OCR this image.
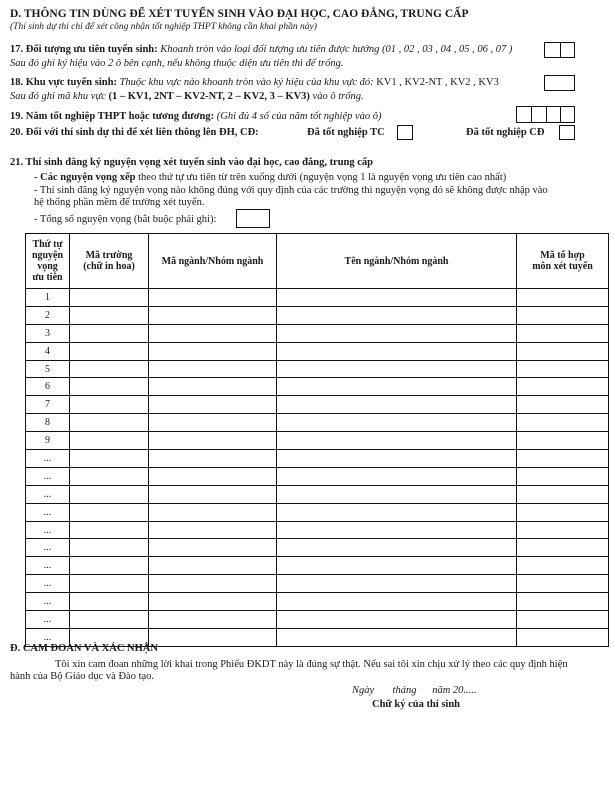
D. THÔNG TIN DÙNG ĐỂ XÉT TUYỂN SINH VÀO ĐẠI HỌC, CAO ĐẲNG, TRUNG CẤP
(Thí sinh dự thi chỉ để xét công nhận tốt nghiệp THPT không cần khai phần này)
17. Đối tượng ưu tiên tuyển sinh: Khoanh tròn vào loại đối tượng ưu tiên được hưởng (01 , 02 , 03 , 04 , 05 , 06 , 07 )
Sau đó ghi ký hiệu vào 2 ô bên cạnh, nếu không thuộc diện ưu tiên thì để trống.
18. Khu vực tuyển sinh: Thuộc khu vực nào khoanh tròn vào ký hiệu của khu vực đó: KV1 , KV2-NT , KV2 , KV3
Sau đó ghi mã khu vực (1 – KV1, 2NT – KV2-NT, 2 – KV2, 3 – KV3) vào ô trống.
19. Năm tốt nghiệp THPT hoặc tương đương: (Ghi đủ 4 số của năm tốt nghiệp vào ô)
20. Đối với thí sinh dự thi để xét liên thông lên ĐH, CĐ:	Đã tốt nghiệp TC	Đã tốt nghiệp CĐ
21. Thí sinh đăng ký nguyện vọng xét tuyển sinh vào đại học, cao đẳng, trung cấp
- Các nguyện vọng xếp theo thứ tự ưu tiên từ trên xuống dưới (nguyện vọng 1 là nguyện vọng ưu tiên cao nhất)
- Thí sinh đăng ký nguyện vọng nào không đúng với quy định của các trường thì nguyện vọng đó sẽ không được nhập vào
hệ thống phần mềm để trường xét tuyển.
- Tổng số nguyện vọng (bắt buộc phải ghi):
Thứ tự
nguyện
vọng
ưu tiên	Mã trường
(chữ in hoa)	Mã ngành/Nhóm ngành	Tên ngành/Nhóm ngành	Mã tổ hợp
môn xét tuyển
1				
2				
3				
4				
5				
6				
7				
8				
9				
...				
...				
...				
...				
...				
...				
...				
...				
...				
...				
...				
Đ. CAM ĐOAN VÀ XÁC NHẬN
Tôi xin cam đoan những lời khai trong Phiếu ĐKDT này là đúng sự thật. Nếu sai tôi xin chịu xử lý theo các quy định hiện
hành của Bộ Giáo dục và Đào tạo.
Ngày       tháng      năm 20.....
Chữ ký của thí sinh
